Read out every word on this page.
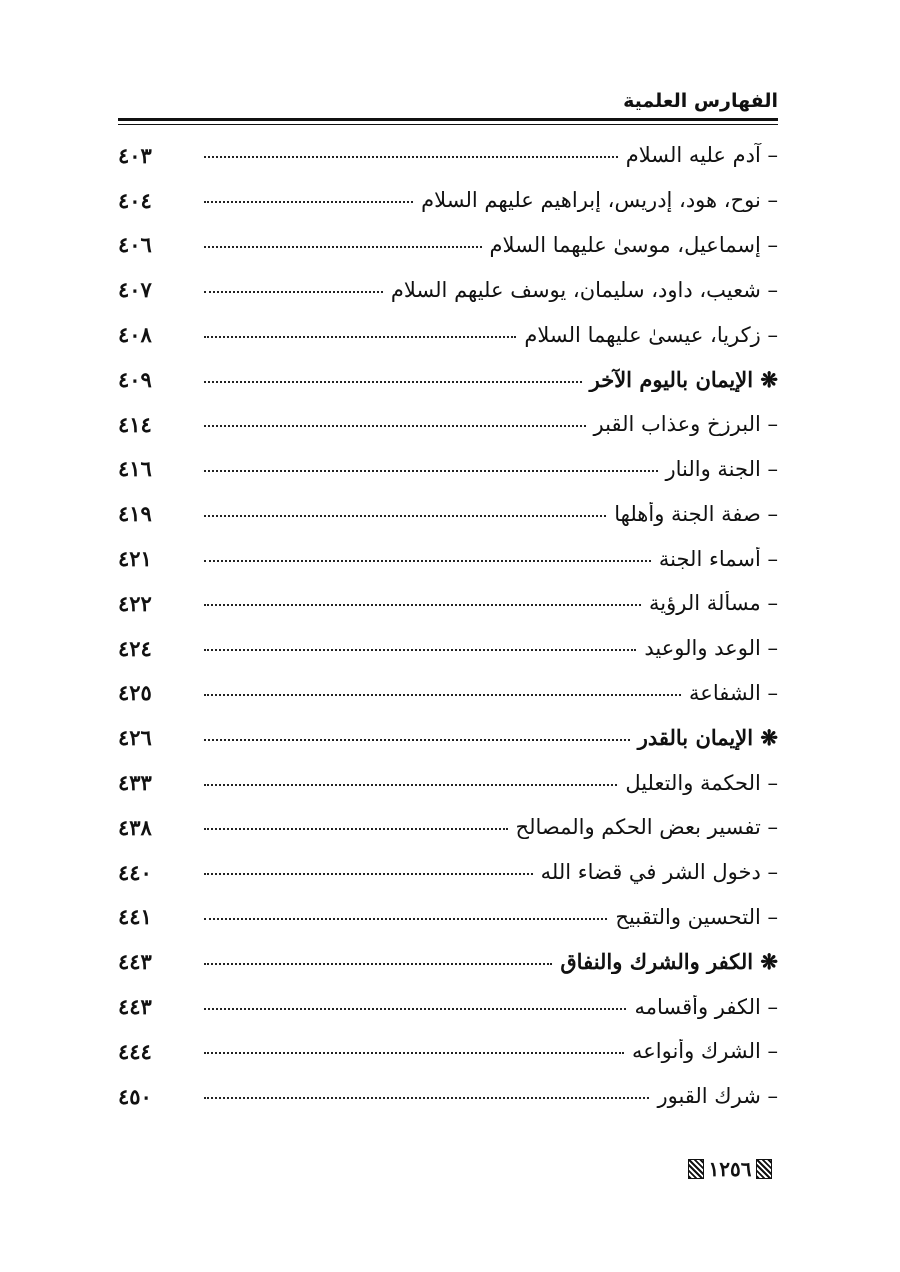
الفهارس العلمية
– آدم عليه السلام
٤٠٣
– نوح، هود، إدريس، إبراهيم عليهم السلام
٤٠٤
– إسماعيل، موسىٰ عليهما السلام
٤٠٦
– شعيب، داود، سليمان، يوسف عليهم السلام
٤٠٧
– زكريا، عيسىٰ عليهما السلام
٤٠٨
❋ الإيمان باليوم الآخر
٤٠٩
– البرزخ وعذاب القبر
٤١٤
– الجنة والنار
٤١٦
– صفة الجنة وأهلها
٤١٩
– أسماء الجنة
٤٢١
– مسألة الرؤية
٤٢٢
– الوعد والوعيد
٤٢٤
– الشفاعة
٤٢٥
❋ الإيمان بالقدر
٤٢٦
– الحكمة والتعليل
٤٣٣
– تفسير بعض الحكم والمصالح
٤٣٨
– دخول الشر في قضاء الله
٤٤٠
– التحسين والتقبيح
٤٤١
❋ الكفر والشرك والنفاق
٤٤٣
– الكفر وأقسامه
٤٤٣
– الشرك وأنواعه
٤٤٤
– شرك القبور
٤٥٠
١٢٥٦
